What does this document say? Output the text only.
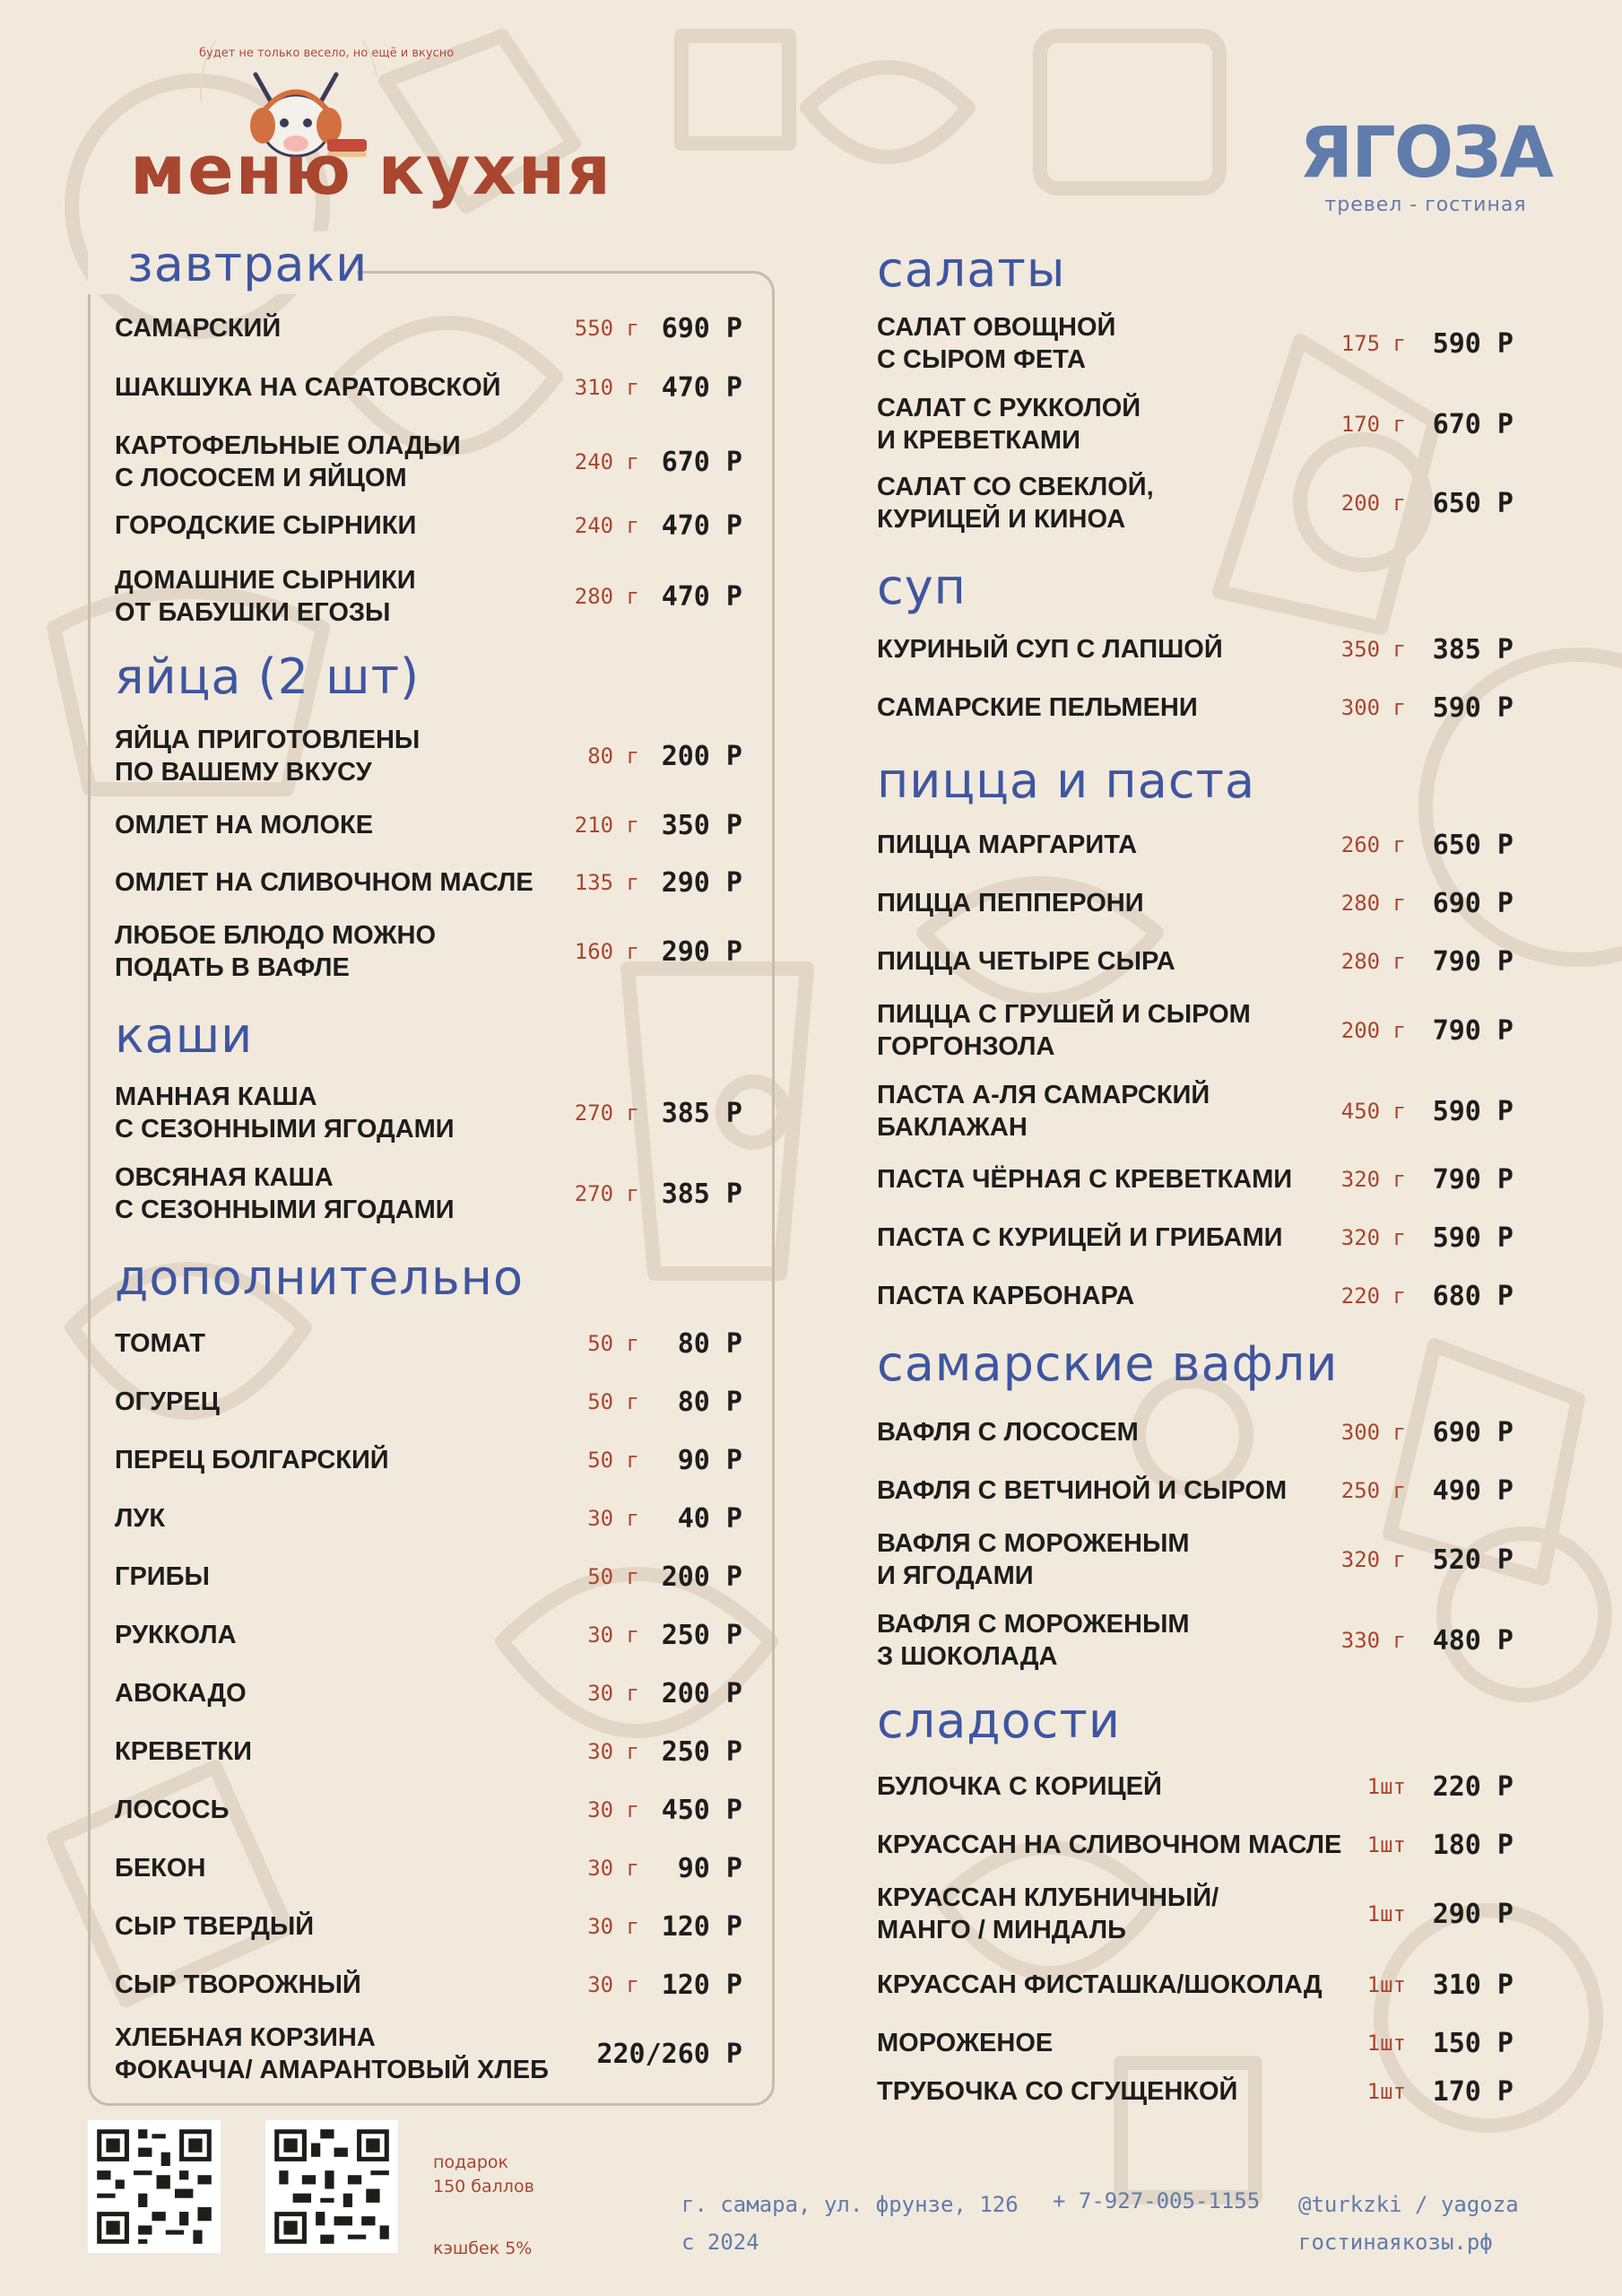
будет не только весело, но ещё и вкусно
меню кухня	ЯГОЗА
тревел - гостиная
завтраки
яйца (2 шт)
каши
дополнительно
САМАРСКИЙ	550 г 690 Р
ШАКШУКА НА САРАТОВСКОЙ	310 г 470 Р
КАРТОФЕЛЬНЫЕ ОЛАДЬИ
С ЛОСОСЕМ И ЯЙЦОМ
240 г 670 Р
ГОРОДСКИЕ СЫРНИКИ	240 г 470 Р
ДОМАШНИЕ СЫРНИКИ
ОТ БАБУШКИ ЕГОЗЫ
280 г 470 Р
ЯЙЦА ПРИГОТОВЛЕНЫ
ПО ВАШЕМУ ВКУСУ
80 г 200 Р
ОМЛЕТ НА МОЛОКЕ	210 г 350 Р
ОМЛЕТ НА СЛИВОЧНОМ МАСЛЕ	135 г 290 Р
ЛЮБОЕ БЛЮДО МОЖНО
ПОДАТЬ В ВАФЛЕ
160 г 290 Р
МАННАЯ КАША
С СЕЗОННЫМИ ЯГОДАМИ
270 г 385 Р
ОВСЯНАЯ КАША
С СЕЗОННЫМИ ЯГОДАМИ
270 г 385 Р
ТОМАТ	50 г	80 Р
ОГУРЕЦ	50 г	80 Р
ПЕРЕЦ БОЛГАРСКИЙ	50 г	90 Р
ЛУК	30 г	40 Р
ГРИБЫ	50 г 200 Р
РУККОЛА	30 г 250 Р
АВОКАДО	30 г 200 Р
КРЕВЕТКИ	30 г 250 Р
ЛОСОСЬ	30 г 450 Р
БЕКОН	30 г	90 Р
СЫР ТВЕРДЫЙ	30 г 120 Р
СЫР ТВОРОЖНЫЙ	30 г 120 Р
ХЛЕБНАЯ КОРЗИНА
ФОКАЧЧА/ АМАРАНТОВЫЙ ХЛЕБ
220/260 Р
салаты
суп
пицца и паста
самарские вафли
сладости
САЛАТ ОВОЩНОЙ
С СЫРОМ ФЕТА
175 г 590 Р
САЛАТ С РУККОЛОЙ
И КРЕВЕТКАМИ
170 г 670 Р
САЛАТ СО СВЕКЛОЙ,
КУРИЦЕЙ И КИНОА
200 г 650 Р
КУРИНЫЙ СУП С ЛАПШОЙ	350 г 385 Р
САМАРСКИЕ ПЕЛЬМЕНИ	300 г 590 Р
ПИЦЦА МАРГАРИТА	260 г 650 Р
ПИЦЦА ПЕППЕРОНИ	280 г 690 Р
ПИЦЦА ЧЕТЫРЕ СЫРА	280 г 790 Р
ПИЦЦА С ГРУШЕЙ И СЫРОМ
ГОРГОНЗОЛА
200 г 790 Р
ПАСТА А-ЛЯ САМАРСКИЙ
БАКЛАЖАН
450 г 590 Р
ПАСТА ЧЁРНАЯ С КРЕВЕТКАМИ	320 г 790 Р
ПАСТА С КУРИЦЕЙ И ГРИБАМИ	320 г 590 Р
ПАСТА КАРБОНАРА	220 г 680 Р
ВАФЛЯ С ЛОСОСЕМ	300 г 690 Р
ВАФЛЯ С ВЕТЧИНОЙ И СЫРОМ	250 г 490 Р
ВАФЛЯ С МОРОЖЕНЫМ
И ЯГОДАМИ
320 г 520 Р
ВАФЛЯ С МОРОЖЕНЫМ
З ШОКОЛАДА
330 г 480 Р
БУЛОЧКА С КОРИЦЕЙ	1шт 220 Р
КРУАССАН НА СЛИВОЧНОМ МАСЛЕ	1шт 180 Р
КРУАССАН КЛУБНИЧНЫЙ/
МАНГО / МИНДАЛЬ
1шт 290 Р
КРУАССАН ФИСТАШКА/ШОКОЛАД	1шт 310 Р
МОРОЖЕНОЕ	1шт 150 Р
ТРУБОЧКА СО СГУЩЕНКОЙ	1шт 170 Р
подарок
150 баллов
кэшбек 5%
г. самара, ул. фрунзе, 126
с 2024
+ 7-927-005-1155 @turkzki / yagoza
гостинаякозы.рф
